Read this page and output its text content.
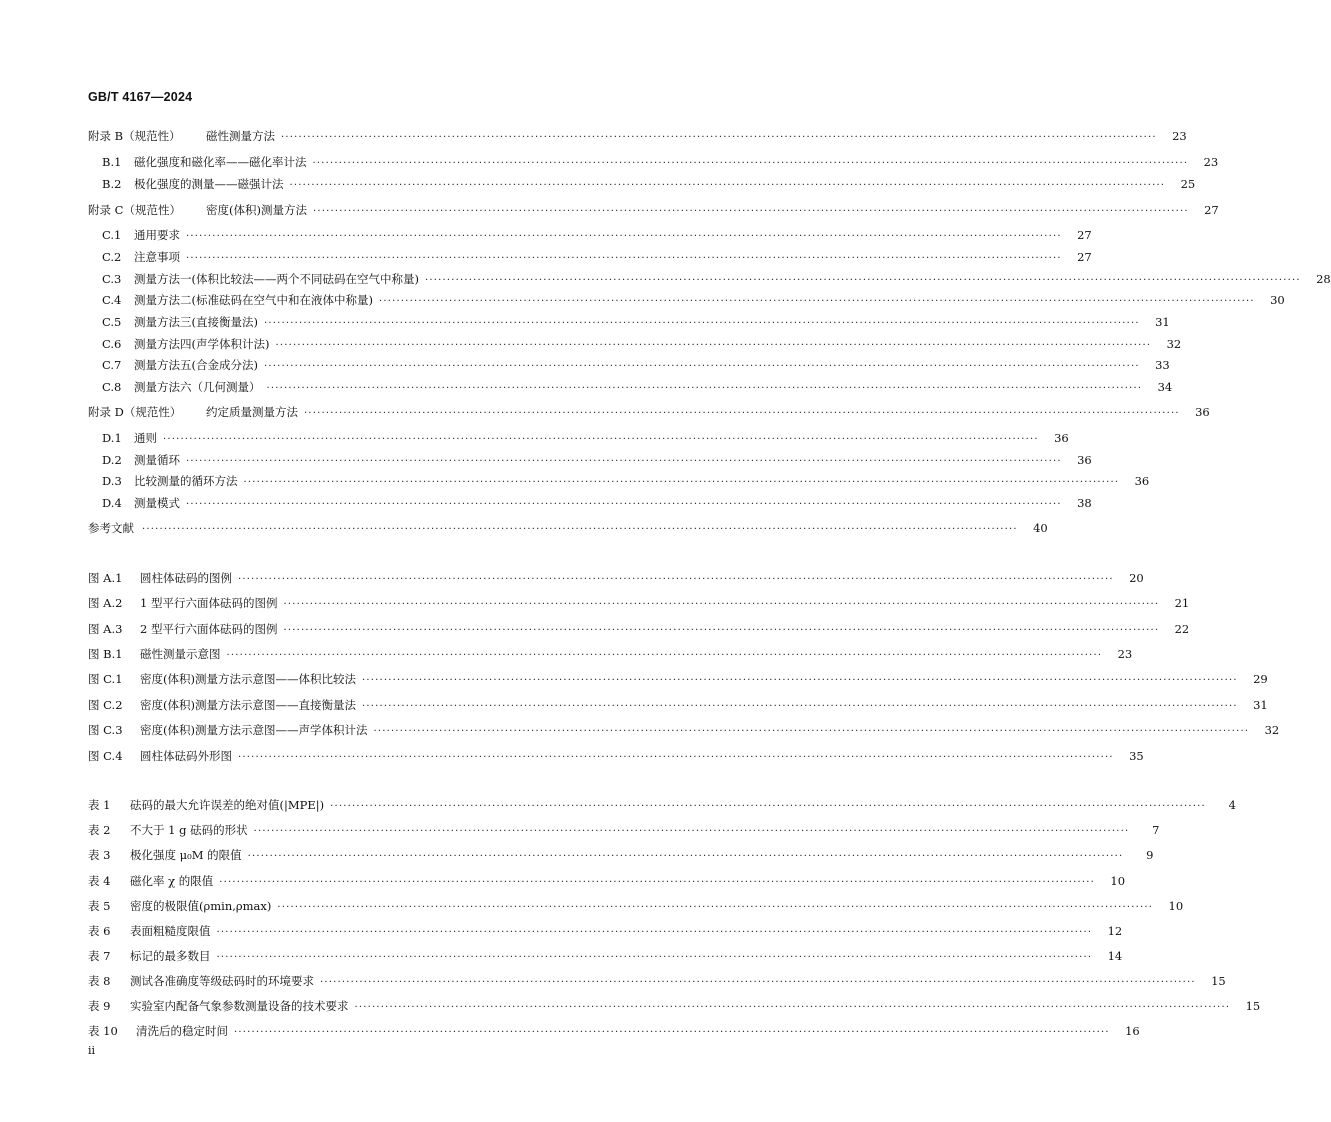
GB/T 4167—2024
附录 B（规范性）	磁性测量方法 ········································································································································································································	23
B.1 磁化强度和磁化率——磁化率计法 ········································································································································································································	23
B.2 极化强度的测量——磁强计法 ········································································································································································································	25
附录 C（规范性）	密度(体积)测量方法 ········································································································································································································	27
C.1 通用要求 ········································································································································································································	27
C.2 注意事项 ········································································································································································································	27
C.3 测量方法一(体积比较法——两个不同砝码在空气中称量) ········································································································································································································	28
C.4 测量方法二(标准砝码在空气中和在液体中称量) ········································································································································································································	30
C.5 测量方法三(直接衡量法) ········································································································································································································	31
C.6 测量方法四(声学体积计法) ········································································································································································································	32
C.7 测量方法五(合金成分法) ········································································································································································································	33
C.8 测量方法六（几何测量） ········································································································································································································	34
附录 D（规范性）	约定质量测量方法 ········································································································································································································	36
D.1 通则 ········································································································································································································	36
D.2 测量循环 ········································································································································································································	36
D.3 比较测量的循环方法 ········································································································································································································	36
D.4 测量模式 ········································································································································································································	38
参考文献 ········································································································································································································	40
图 A.1	圆柱体砝码的图例 ········································································································································································································	20
图 A.2	1 型平行六面体砝码的图例 ········································································································································································································	21
图 A.3	2 型平行六面体砝码的图例 ········································································································································································································	22
图 B.1	磁性测量示意图 ········································································································································································································	23
图 C.1	密度(体积)测量方法示意图——体积比较法 ········································································································································································································	29
图 C.2	密度(体积)测量方法示意图——直接衡量法 ········································································································································································································	31
图 C.3	密度(体积)测量方法示意图——声学体积计法 ········································································································································································································	32
图 C.4	圆柱体砝码外形图 ········································································································································································································	35
表 1	砝码的最大允许误差的绝对值(|MPE|) ········································································································································································································	4
表 2	不大于 1 g 砝码的形状 ········································································································································································································	7
表 3	极化强度 μ₀M 的限值 ········································································································································································································	9
表 4	磁化率 χ 的限值 ········································································································································································································	10
表 5	密度的极限值(ρmin,ρmax) ········································································································································································································	10
表 6	表面粗糙度限值 ········································································································································································································	12
表 7	标记的最多数目 ········································································································································································································	14
表 8	测试各准确度等级砝码时的环境要求 ········································································································································································································	15
表 9	实验室内配备气象参数测量设备的技术要求 ········································································································································································································	15
表 10	清洗后的稳定时间 ········································································································································································································	16
ii
